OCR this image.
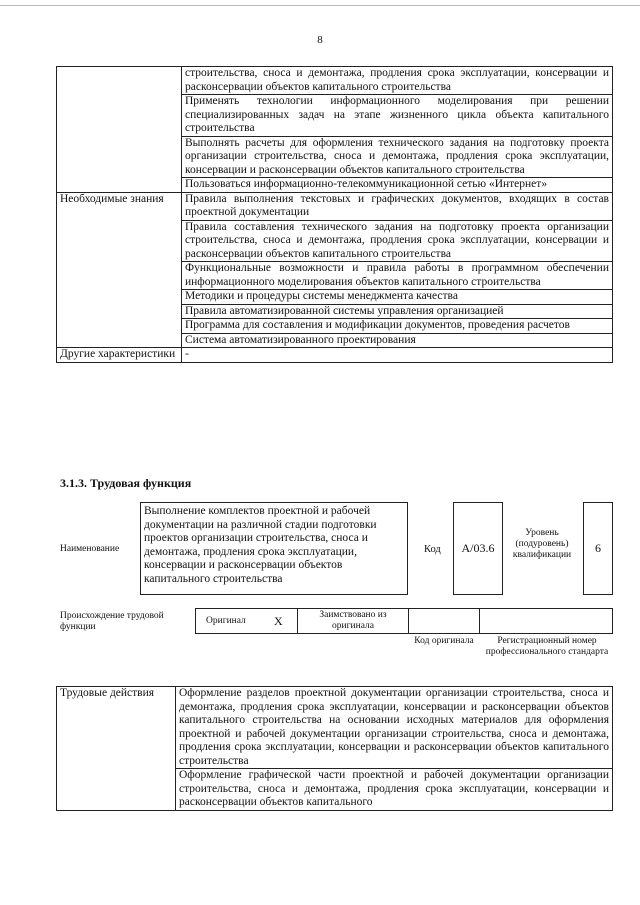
8
	строительства, сноса и демонтажа, продления срока эксплуатации, консервации и расконсервации объектов капитального строительства
	Применять технологии информационного моделирования при решении специализированных задач на этапе жизненного цикла объекта капитального строительства
	Выполнять расчеты для оформления технического задания на подготовку проекта организации строительства, сноса и демонтажа, продления срока эксплуатации, консервации и расконсервации объектов капитального строительства
	Пользоваться информационно-телекоммуникационной сетью «Интернет»
Необходимые знания	Правила выполнения текстовых и графических документов, входящих в состав проектной документации
	Правила составления технического задания на подготовку проекта организации строительства, сноса и демонтажа, продления срока эксплуатации, консервации и расконсервации объектов капитального строительства
	Функциональные возможности и правила работы в программном обеспечении информационного моделирования объектов капитального строительства
	Методики и процедуры системы менеджмента качества
	Правила автоматизированной системы управления организацией
	Программа для составления и модификации документов, проведения расчетов
	Система автоматизированного проектирования
Другие характеристики	-
3.1.3. Трудовая функция
Наименование
Выполнение комплектов проектной и рабочей документации на различной стадии подготовки проектов организации строительства, сноса и демонтажа, продления срока эксплуатации, консервации и расконсервации объектов капитального строительства
Код	А/03.6
Уровень (подуровень) квалификации	6
Происхождение трудовой функции
Оригинал X	Заимствовано из оригинала
Код оригинала	Регистрационный номер профессионального стандарта
Трудовые действия	Оформление разделов проектной документации организации строительства, сноса и демонтажа, продления срока эксплуатации, консервации и расконсервации объектов капитального строительства на основании исходных материалов для оформления проектной и рабочей документации организации строительства, сноса и демонтажа, продления срока эксплуатации, консервации и расконсервации объектов капитального строительства
Оформление графической части проектной и рабочей документации организации строительства, сноса и демонтажа, продления срока эксплуатации, консервации и расконсервации объектов капитального
